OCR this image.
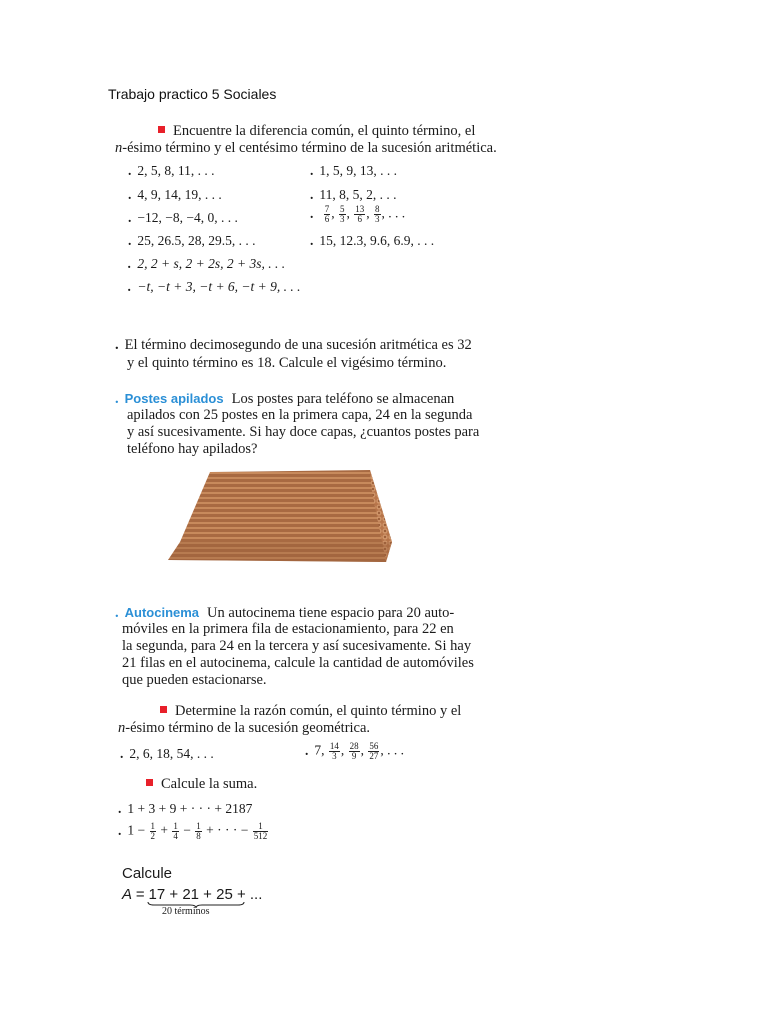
Trabajo practico 5 Sociales
Encuentre la diferencia común, el quinto término, el
n-ésimo término y el centésimo término de la sucesión aritmética.
. 2, 5, 8, 11, . . .
. 4, 9, 14, 19, . . .
. −12, −8, −4, 0, . . .
. 25, 26.5, 28, 29.5, . . .
. 2, 2 + s, 2 + 2s, 2 + 3s, . . .
. −t, −t + 3, −t + 6, −t + 9, . . .
. 1, 5, 9, 13, . . .
. 11, 8, 5, 2, . . .
. $\frac{7}{6}$ , $\frac{5}{3}$ , $\frac{13}{6}$ , $\frac{8}{3}$ , . . .
. 15, 12.3, 9.6, 6.9, . . .
. El término decimosegundo de una sucesión aritmética es 32
y el quinto término es 18. Calcule el vigésimo término.
. Postes apilados Los postes para teléfono se almacenan
apilados con 25 postes en la primera capa, 24 en la segunda
y así sucesivamente. Si hay doce capas, ¿cuantos postes para
teléfono hay apilados?
. Autocinema Un autocinema tiene espacio para 20 auto-
móviles en la primera fila de estacionamiento, para 22 en
la segunda, para 24 en la tercera y así sucesivamente. Si hay
21 filas en el autocinema, calcule la cantidad de automóviles
que pueden estacionarse.
Determine la razón común, el quinto término y el
n-ésimo término de la sucesión geométrica.
. 2, 6, 18, 54, . . .	. 7, $\frac{14}{3}$ , $\frac{28}{9}$ , $\frac{56}{27}$ , . . .
Calcule la suma.
. 1 + 3 + 9 + · · · + 2187
. $1 - \frac{1}{2} + \frac{1}{4} - \frac{1}{8}$ + · · · − $\frac{1}{512}$
Calcule
A = 17 + 21 + 25 + ...
20 términos
